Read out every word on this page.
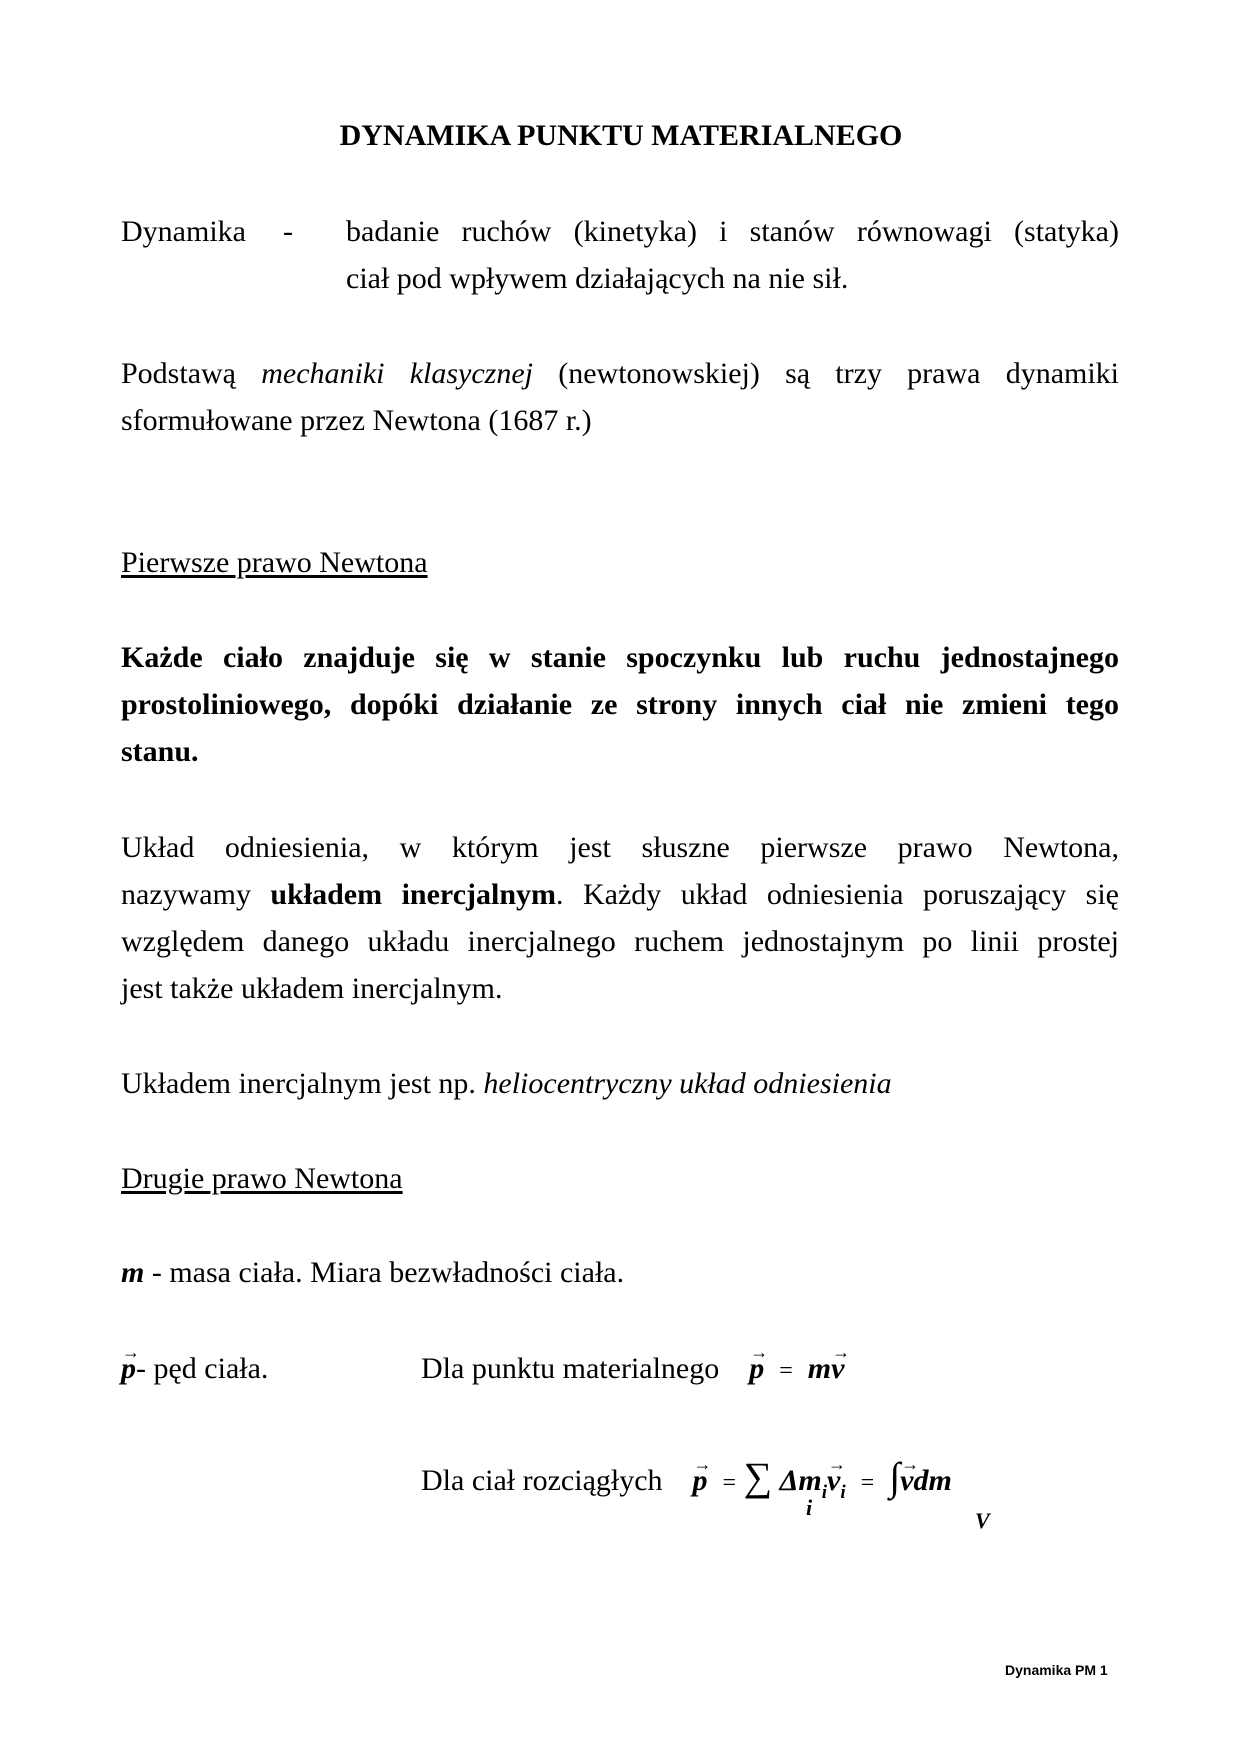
DYNAMIKA PUNKTU MATERIALNEGO
Dynamika - badanie ruchów (kinetyka) i stanów równowagi (statyka)
ciał pod wpływem działających na nie sił.
Podstawą mechaniki klasycznej (newtonowskiej) są trzy prawa dynamiki
sformułowane przez Newtona (1687 r.)
Pierwsze prawo Newtona
Każde ciało znajduje się w stanie spoczynku lub ruchu jednostajnego
prostoliniowego, dopóki działanie ze strony innych ciał nie zmieni tego
stanu.
Układ odniesienia, w którym jest słuszne pierwsze prawo Newtona,
nazywamy układem inercjalnym. Każdy układ odniesienia poruszający się
względem danego układu inercjalnego ruchem jednostajnym po linii prostej
jest także układem inercjalnym.
Układem inercjalnym jest np. heliocentryczny układ odniesienia
Drugie prawo Newtona
m - masa ciała. Miara bezwładności ciała.
→ p- pęd ciała.	Dla punktu materialnego → p = m→ v
Dla ciał rozciągłych → p = ∑ $\Delta m_i\to v_i$ = ∫→ vdm
i
V
Dynamika PM 1
